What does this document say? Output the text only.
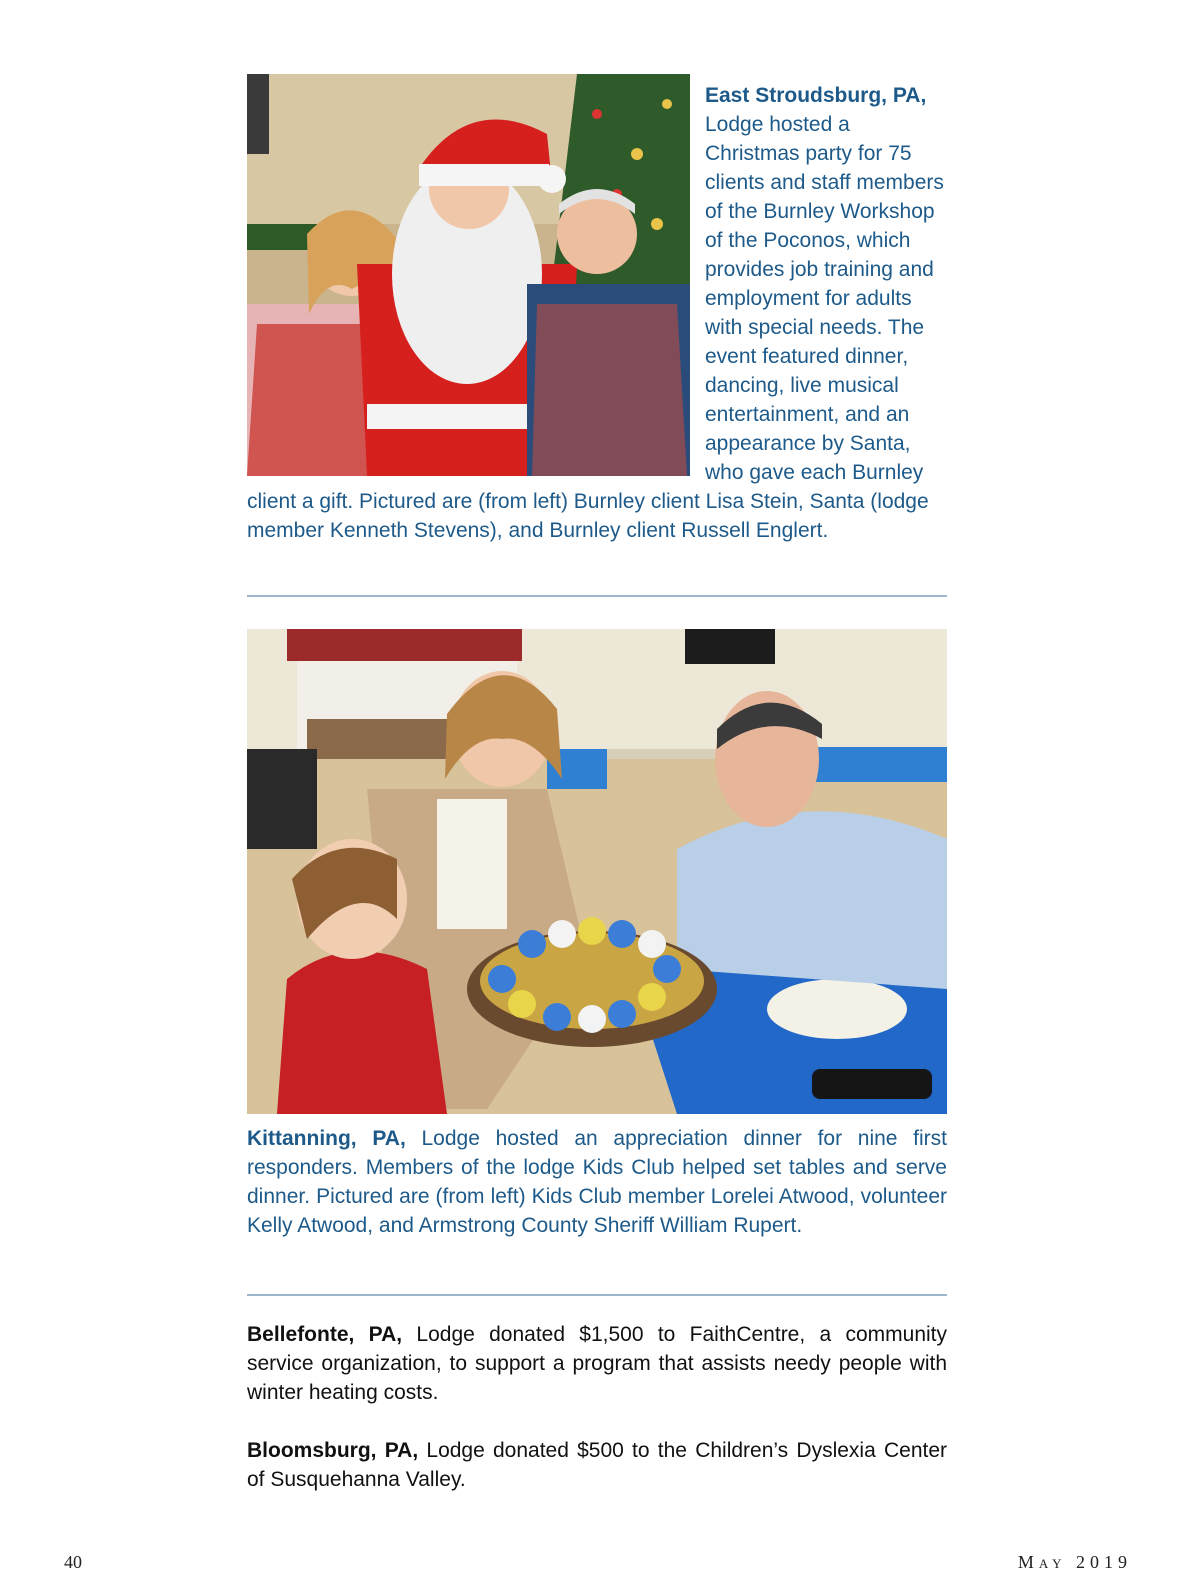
East Stroudsburg, PA, Lodge hosted a Christmas party for 75 clients and staff members of the Burnley Workshop of the Poconos, which provides job training and employment for adults with special needs. The event featured dinner, dancing, live musical entertainment, and an appearance by Santa, who gave each Burnley client a gift. Pictured are (from left) Burnley client Lisa Stein, Santa (lodge member Kenneth Stevens), and Burnley client Russell Englert.
Kittanning, PA, Lodge hosted an appreciation dinner for nine first responders. Members of the lodge Kids Club helped set tables and serve dinner. Pictured are (from left) Kids Club member Lorelei Atwood, volunteer Kelly Atwood, and Armstrong County Sheriff William Rupert.
Bellefonte, PA, Lodge donated $1,500 to FaithCentre, a community service organization, to support a program that assists needy people with winter heating costs.
Bloomsburg, PA, Lodge donated $500 to the Children’s Dyslexia Center of Susquehanna Valley.
40	May 2019
